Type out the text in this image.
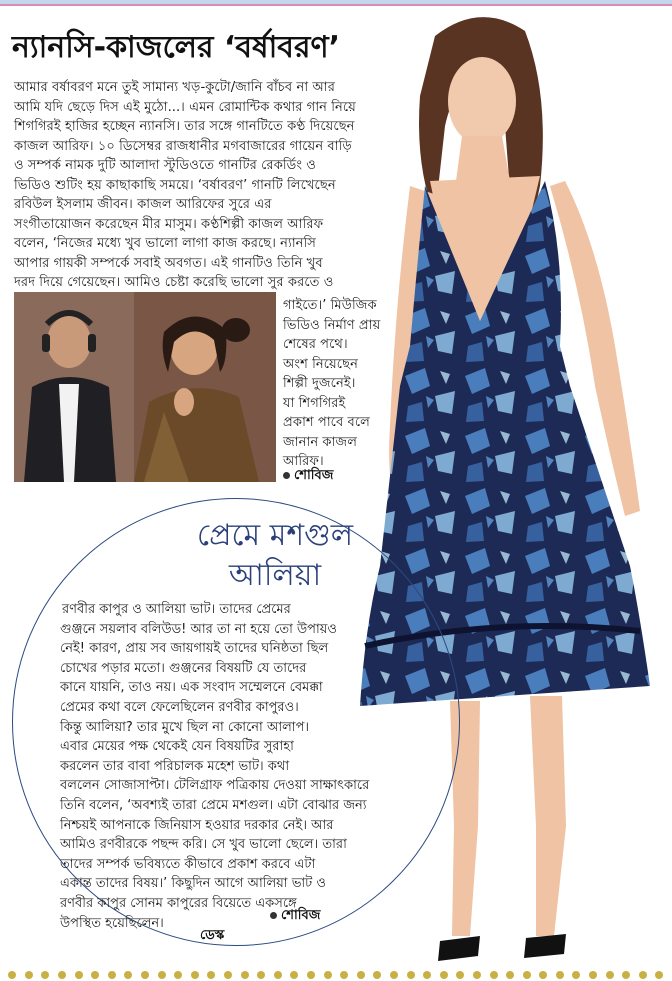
ন্যানসি-কাজলের ‘বর্ষাবরণ’
আমার বর্ষাবরণ মনে তুই সামান্য খড়-কুটো/জানি বাঁচব না আর
আমি যদি ছেড়ে দিস এই মুঠো...। এমন রোমান্টিক কথার গান নিয়ে
শিগগিরই হাজির হচ্ছেন ন্যানসি। তার সঙ্গে গানটিতে কণ্ঠ দিয়েছেন
কাজল আরিফ। ১০ ডিসেম্বর রাজধানীর মগবাজারের গায়েন বাড়ি
ও সম্পর্ক নামক দুটি আলাদা স্টুডিওতে গানটির রেকর্ডিং ও
ভিডিও শুটিং হয় কাছাকাছি সময়ে। ‘বর্ষাবরণ’ গানটি লিখেছেন
রবিউল ইসলাম জীবন। কাজল আরিফের সুরে এর
সংগীতায়োজন করেছেন মীর মাসুম। কণ্ঠশিল্পী কাজল আরিফ
বলেন, ‘নিজের মধ্যে খুব ভালো লাগা কাজ করছে। ন্যানসি
আপার গায়কী সম্পর্কে সবাই অবগত। এই গানটিও তিনি খুব
দরদ দিয়ে গেয়েছেন। আমিও চেষ্টা করেছি ভালো সুর করতে ও
গাইতে।’ মিউজিক
ভিডিও নির্মাণ প্রায়
শেষের পথে।
অংশ নিয়েছেন
শিল্পী দুজনেই।
যা শিগগিরই
প্রকাশ পাবে বলে
জানান কাজল
আরিফ।
শোবিজ
প্রেমে মশগুল
আলিয়া
রণবীর কাপুর ও আলিয়া ভাট। তাদের প্রেমের
গুঞ্জনে সয়লাব বলিউড! আর তা না হয়ে তো উপায়ও
নেই! কারণ, প্রায় সব জায়গায়ই তাদের ঘনিষ্ঠতা ছিল
চোখের পড়ার মতো। গুঞ্জনের বিষয়টি যে তাদের
কানে যায়নি, তাও নয়। এক সংবাদ সম্মেলনে বেমক্কা
প্রেমের কথা বলে ফেলেছিলেন রণবীর কাপুরও।
কিন্তু আলিয়া? তার মুখে ছিল না কোনো আলাপ।
এবার মেয়ের পক্ষ থেকেই যেন বিষয়টির সুরাহা
করলেন তার বাবা পরিচালক মহেশ ভাট। কথা
বললেন সোজাসাপ্টা। টেলিগ্রাফ পত্রিকায় দেওয়া সাক্ষাৎকারে
তিনি বলেন, ‘অবশ্যই তারা প্রেমে মশগুল। এটা বোঝার জন্য
নিশ্চয়ই আপনাকে জিনিয়াস হওয়ার দরকার নেই। আর
আমিও রণবীরকে পছন্দ করি। সে খুব ভালো ছেলে। তারা
তাদের সম্পর্ক ভবিষ্যতে কীভাবে প্রকাশ করবে এটা
একান্ত তাদের বিষয়।’ কিছুদিন আগে আলিয়া ভাট ও
রণবীর কাপুর সোনম কাপুরের বিয়েতে একসঙ্গে
উপস্থিত হয়েছিলেন।	শোবিজ
ডেস্ক
